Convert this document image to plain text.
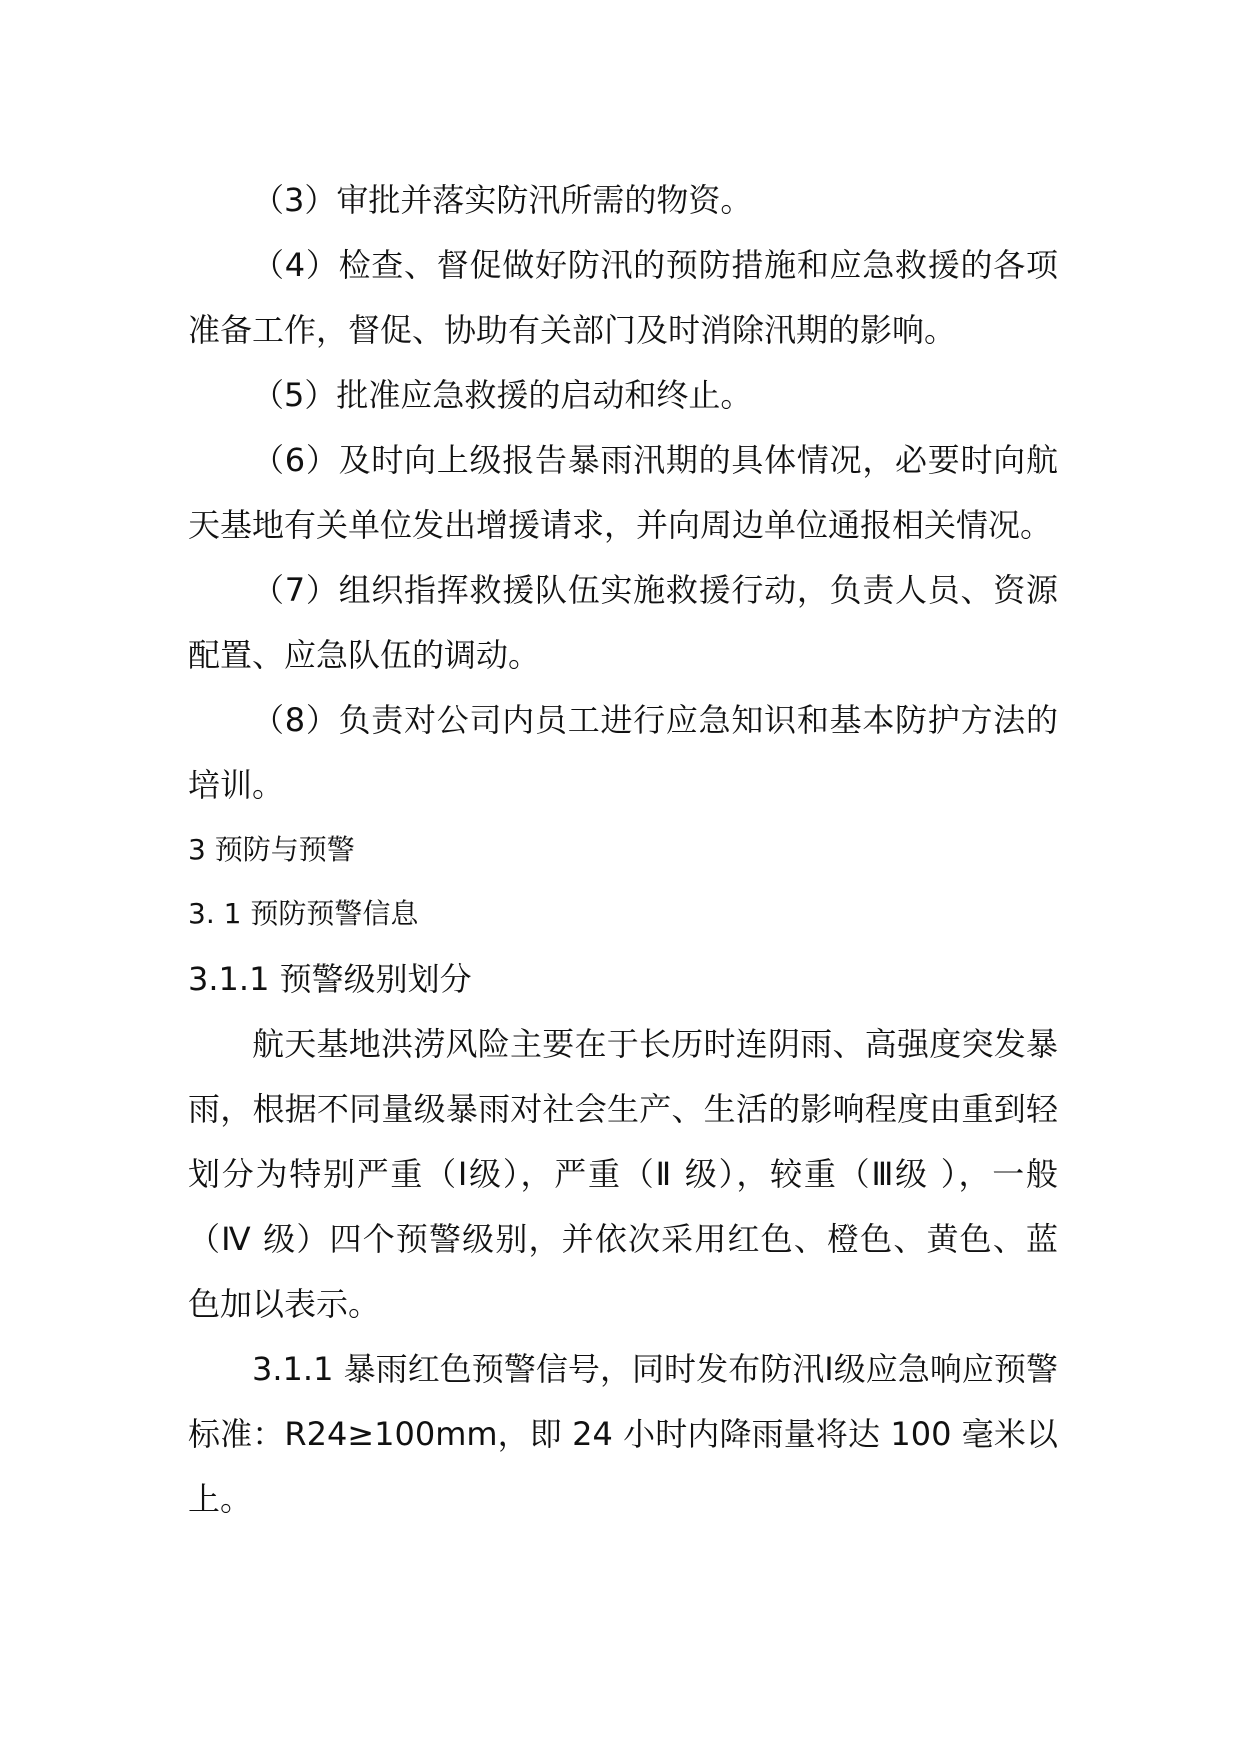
（3）审批并落实防汛所需的物资。

（4）检查、督促做好防汛的预防措施和应急救援的各项准备工作，督促、协助有关部门及时消除汛期的影响。

（5）批准应急救援的启动和终止。

（6）及时向上级报告暴雨汛期的具体情况，必要时向航天基地有关单位发出增援请求，并向周边单位通报相关情况。

（7）组织指挥救援队伍实施救援行动，负责人员、资源配置、应急队伍的调动。

（8）负责对公司内员工进行应急知识和基本防护方法的培训。

3 预防与预警

3. 1 预防预警信息

3.1.1 预警级别划分

航天基地洪涝风险主要在于长历时连阴雨、高强度突发暴雨，根据不同量级暴雨对社会生产、生活的影响程度由重到轻划分为特别严重（Ⅰ级），严重（Ⅱ 级），较重（Ⅲ级 ），一般（Ⅳ 级）四个预警级别，并依次采用红色、橙色、黄色、蓝色加以表示。

3.1.1 暴雨红色预警信号，同时发布防汛Ⅰ级应急响应预警标准：R24≥100mm，即 24 小时内降雨量将达 100 毫米以上。
